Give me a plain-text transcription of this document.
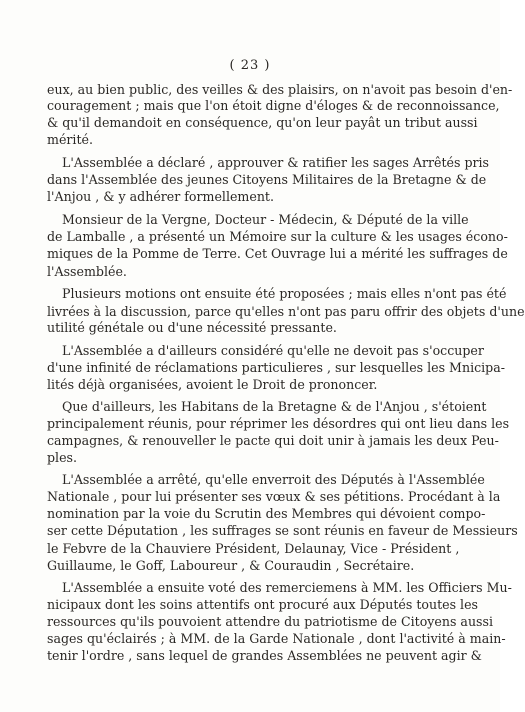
( 23 )
eux, au bien public, des veilles & des plaisirs, on n'avoit pas besoin d'en-
couragement ; mais que l'on étoit digne d'éloges & de reconnoissance,
& qu'il demandoit en conséquence, qu'on leur payât un tribut aussi
mérité.
L'Assemblée a déclaré , approuver & ratifier les sages Arrêtés pris
dans l'Assemblée des jeunes Citoyens Militaires de la Bretagne & de
l'Anjou , & y adhérer formellement.
Monsieur de la Vergne, Docteur - Médecin, & Député de la ville
de Lamballe , a présenté un Mémoire sur la culture & les usages écono-
miques de la Pomme de Terre. Cet Ouvrage lui a mérité les suffrages de
l'Assemblée.
Plusieurs motions ont ensuite été proposées ; mais elles n'ont pas été
livrées à la discussion, parce qu'elles n'ont pas paru offrir des objets d'une
utilité génétale ou d'une nécessité pressante.
L'Assemblée a d'ailleurs considéré qu'elle ne devoit pas s'occuper
d'une infinité de réclamations particulieres , sur lesquelles les Mnicipa-
lités déjà organisées, avoient le Droit de prononcer.
Que d'ailleurs, les Habitans de la Bretagne & de l'Anjou , s'étoient
principalement réunis, pour réprimer les désordres qui ont lieu dans les
campagnes, & renouveller le pacte qui doit unir à jamais les deux Peu-
ples.
L'Assemblée a arrêté, qu'elle enverroit des Députés à l'Assemblée
Nationale , pour lui présenter ses vœux & ses pétitions. Procédant à la
nomination par la voie du Scrutin des Membres qui dévoient compo-
ser cette Députation , les suffrages se sont réunis en faveur de Messieurs
le Febvre de la Chauviere Président, Delaunay, Vice - Président ,
Guillaume, le Goff, Laboureur , & Couraudin , Secrétaire.
L'Assemblée a ensuite voté des remerciemens à MM. les Officiers Mu-
nicipaux dont les soins attentifs ont procuré aux Députés toutes les
ressources qu'ils pouvoient attendre du patriotisme de Citoyens aussi
sages qu'éclairés ; à MM. de la Garde Nationale , dont l'activité à main-
tenir l'ordre , sans lequel de grandes Assemblées ne peuvent agir &
